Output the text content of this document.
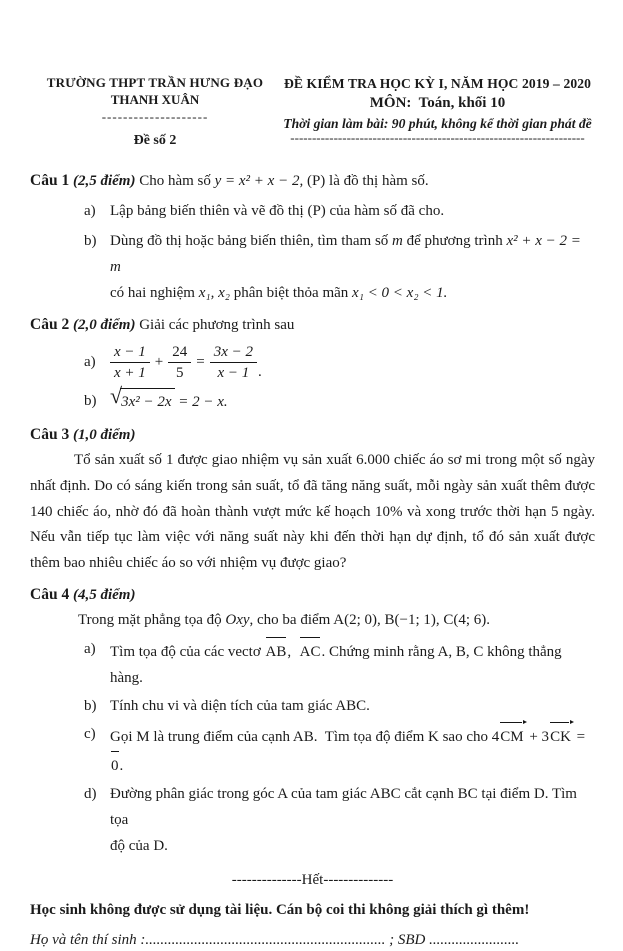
TRƯỜNG THPT TRẦN HƯNG ĐẠO
THANH XUÂN
--------------------
Đề số 2
ĐỀ KIỂM TRA HỌC KỲ I, NĂM HỌC 2019 – 2020
MÔN:  Toán, khối 10
Thời gian làm bài: 90 phút, không kể thời gian phát đề
--------------------------------------------------------------------
Câu 1 (2,5 điểm) Cho hàm số y = x² + x − 2, (P) là đồ thị hàm số.
a) Lập bảng biến thiên và vẽ đồ thị (P) của hàm số đã cho.
b) Dùng đồ thị hoặc bảng biến thiên, tìm tham số m để phương trình x² + x − 2 = m
có hai nghiệm x₁, x₂ phân biệt thỏa mãn x₁ < 0 < x₂ < 1.
Câu 2 (2,0 điểm) Giải các phương trình sau
$a) \frac{x - 1}{x + 1} + \frac{24}{5} = \frac{3x - 2}{x - 1}$ .
b) √ 3x² − 2x = 2 − x.
Câu 3 (1,0 điểm)
Tổ sản xuất số 1 được giao nhiệm vụ sản xuất 6.000 chiếc áo sơ mi trong một số ngày nhất định. Do có sáng kiến trong sản suất, tổ đã tăng năng suất, mỗi ngày sản xuất thêm được 140 chiếc áo, nhờ đó đã hoàn thành vượt mức kế hoạch 10% và xong trước thời hạn 5 ngày. Nếu vẫn tiếp tục làm việc với năng suất này khi đến thời hạn dự định, tổ đó sản xuất được thêm bao nhiêu chiếc áo so với nhiệm vụ được giao?
Câu 4 (4,5 điểm)
Trong mặt phẳng tọa độ Oxy, cho ba điểm A(2; 0), B(−1; 1), C(4; 6).
a) Tìm tọa độ của các vectơ AB,  AC. Chứng minh rằng A, B, C không thẳng hàng.
b) Tính chu vi và diện tích của tam giác ABC.
c) Gọi M là trung điểm của cạnh AB.  Tìm tọa độ điểm K sao cho 4CM + 3CK = 0.
d) Đường phân giác trong góc A của tam giác ABC cắt cạnh BC tại điểm D. Tìm tọa
độ của D.
--------------Hết--------------
Học sinh không được sử dụng tài liệu. Cán bộ coi thi không giải thích gì thêm!
Họ và tên thí sinh :................................................................ ; SBD ........................
